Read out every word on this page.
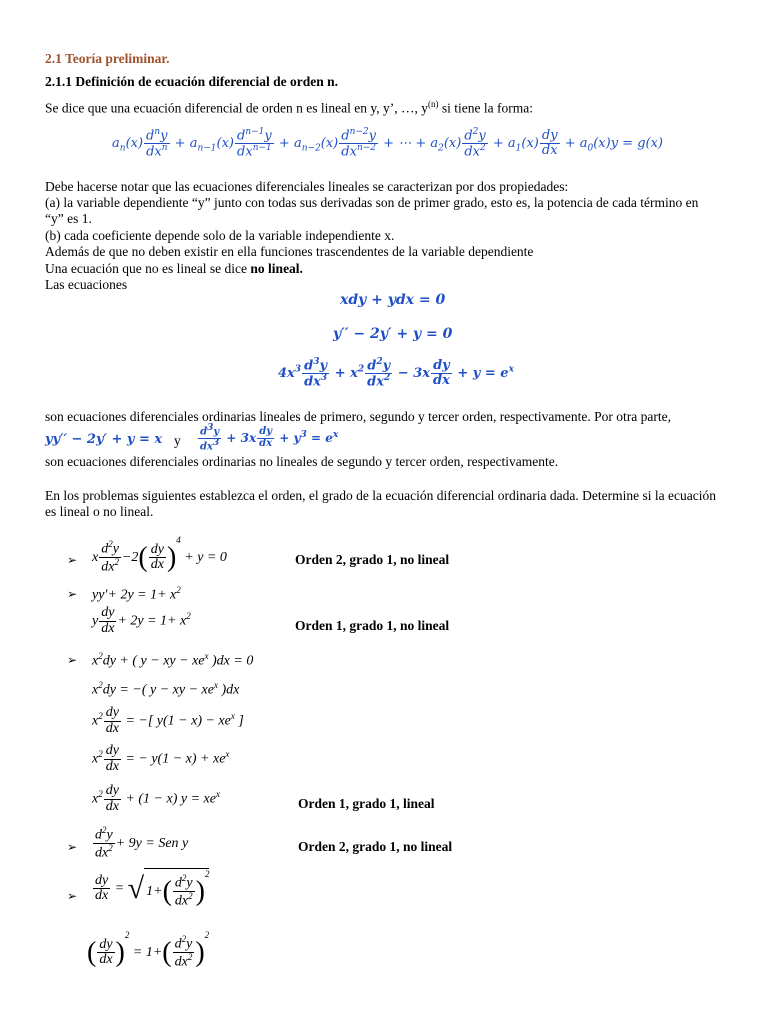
2.1 Teoría preliminar.
2.1.1 Definición de ecuación diferencial de orden n.
Se dice que una ecuación diferencial de orden n es lineal en y, y’, …, $y^{(n)}$ si tiene la forma:
$a_n(x) \frac{d^ny}{dx^n} + a_{n-1}(x) \frac{d^{n-1}y}{dx^{n-1}} + a_{n-2}(x) \frac{d^{n-2}y}{dx^{n-2}}$ + ⋯ + $a_2(x) \frac{d^2y}{dx^2} + a_1(x) \frac{dy}{dx} + a_0(x)y = g(x)$
Debe hacerse notar que las ecuaciones diferenciales lineales se caracterizan por dos propiedades:
(a) la variable dependiente “y” junto con todas sus derivadas son de primer grado, esto es, la potencia de cada término en
“y” es 1.
(b) cada coeficiente depende solo de la variable independiente x.
Además de que no deben existir en ella funciones trascendentes de la variable dependiente
Una ecuación que no es lineal se dice no lineal.
Las ecuaciones
xdy + ydx = 0
y′′ − 2y′ + y = 0
$4x^3 \frac{d^3y}{dx^3} + x^2 \frac{d^2y}{dx^2} - 3x \frac{dy}{dx} + y = e^x$
son ecuaciones diferenciales ordinarias lineales de primero, segundo y tercer orden, respectivamente. Por otra parte,
yy′′ − 2y′ + y = x y $\frac{d^3y}{dx^3} + 3x \frac{dy}{dx} + y^3 = e^x$
son ecuaciones diferenciales ordinarias no lineales de segundo y tercer orden, respectivamente.
En los problemas siguientes establezca el orden, el grado de la ecuación diferencial ordinaria dada. Determine si la ecuación
es lineal o no lineal.
➢ x $\frac{d^2y}{dx^2} -2( \frac{dy}{dx} )^4 + y = 0$	Orden 2, grado 1, no lineal
➢ $yy'+ 2y = 1+ x^2$
y $\frac{dy}{dx} + 2y = 1+ x^2$
Orden 1, grado 1, no lineal
➢ $x^2dy$ + ( y − xy − $xe^x$ )dx = 0
$x^2dy$ = −( y − xy − $xe^x$ )dx
$x^2 \frac{dy}{dx}$ = −[ $y(1 - x) - xe^x$ ]
$x^2 \frac{dy}{dx}$ = − $y(1 - x) + xe^x$
$x^2 \frac{dy}{dx} + (1 - x) y = xe^x$
Orden 1, grado 1, lineal
➢ $\frac{d^2y}{dx^2} + 9y$ = Sen y	Orden 2, grado 1, no lineal
➢ $\frac{dy}{dx}$ = √ $1+( \frac{d^2y}{dx^2} )^2$
( $\frac{dy}{dx} )^2 = 1+( \frac{d^2y}{dx^2} )^2$
